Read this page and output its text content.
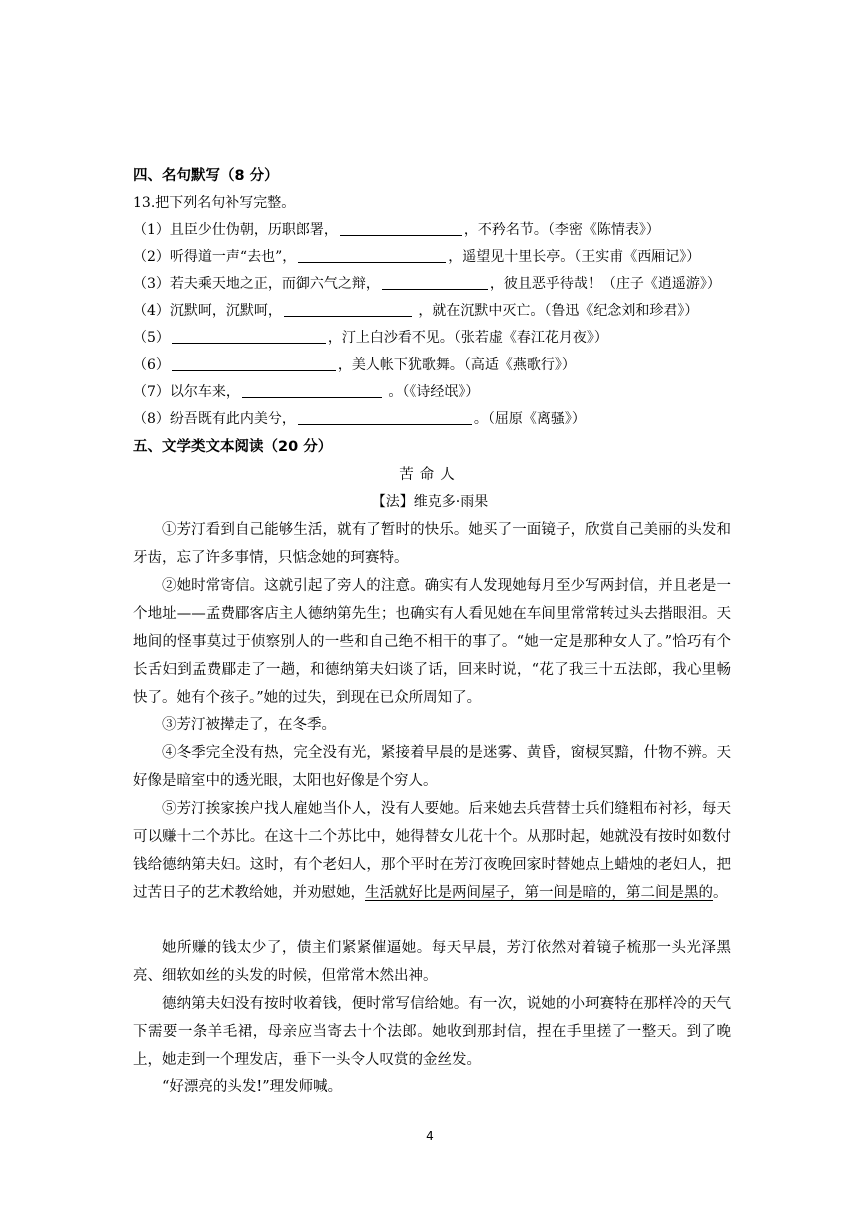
四、名句默写（8 分）
13.把下列名句补写完整。
（1）且臣少仕伪朝，历职郎署，	，不矜名节。（李密《陈情表》）
（2）听得道一声“去也”，	，遥望见十里长亭。（王实甫《西厢记》）
（3）若夫乘天地之正，而御六气之辩，	，彼且恶乎待哉！（庄子《逍遥游》）
（4）沉默呵，沉默呵，	，就在沉默中灭亡。（鲁迅《纪念刘和珍君》）
（5）	，汀上白沙看不见。（张若虚《春江花月夜》）
（6）	，美人帐下犹歌舞。（高适《燕歌行》）
（7）以尔车来，	。（《诗经氓》）
（8）纷吾既有此内美兮，	。（屈原《离骚》）
五、文学类文本阅读（20 分）
苦命人
【法】维克多·雨果
①芳汀看到自己能够生活，就有了暂时的快乐。她买了一面镜子，欣赏自己美丽的头发和牙齿，忘了许多事情，只惦念她的珂赛特。
②她时常寄信。这就引起了旁人的注意。确实有人发现她每月至少写两封信，并且老是一个地址——孟费郿客店主人德纳第先生；也确实有人看见她在车间里常常转过头去揩眼泪。天地间的怪事莫过于侦察别人的一些和自己绝不相干的事了。“她一定是那种女人了。”恰巧有个长舌妇到孟费郿走了一趟，和德纳第夫妇谈了话，回来时说，“花了我三十五法郎，我心里畅快了。她有个孩子。”她的过失，到现在已众所周知了。
③芳汀被撵走了，在冬季。
④冬季完全没有热，完全没有光，紧接着早晨的是迷雾、黄昏，窗棂冥黯，什物不辨。天好像是暗室中的透光眼，太阳也好像是个穷人。
⑤芳汀挨家挨户找人雇她当仆人，没有人要她。后来她去兵营替士兵们缝粗布衬衫，每天可以赚十二个苏比。在这十二个苏比中，她得替女儿花十个。从那时起，她就没有按时如数付钱给德纳第夫妇。这时，有个老妇人，那个平时在芳汀夜晚回家时替她点上蜡烛的老妇人，把过苦日子的艺术教给她，并劝慰她，生活就好比是两间屋子，第一间是暗的，第二间是黑的。
她所赚的钱太少了，债主们紧紧催逼她。每天早晨，芳汀依然对着镜子梳那一头光泽黑亮、细软如丝的头发的时候，但常常木然出神。
德纳第夫妇没有按时收着钱，便时常写信给她。有一次，说她的小珂赛特在那样冷的天气下需要一条羊毛裙，母亲应当寄去十个法郎。她收到那封信，捏在手里搓了一整天。到了晚上，她走到一个理发店，垂下一头令人叹赏的金丝发。
“好漂亮的头发!”理发师喊。
4
